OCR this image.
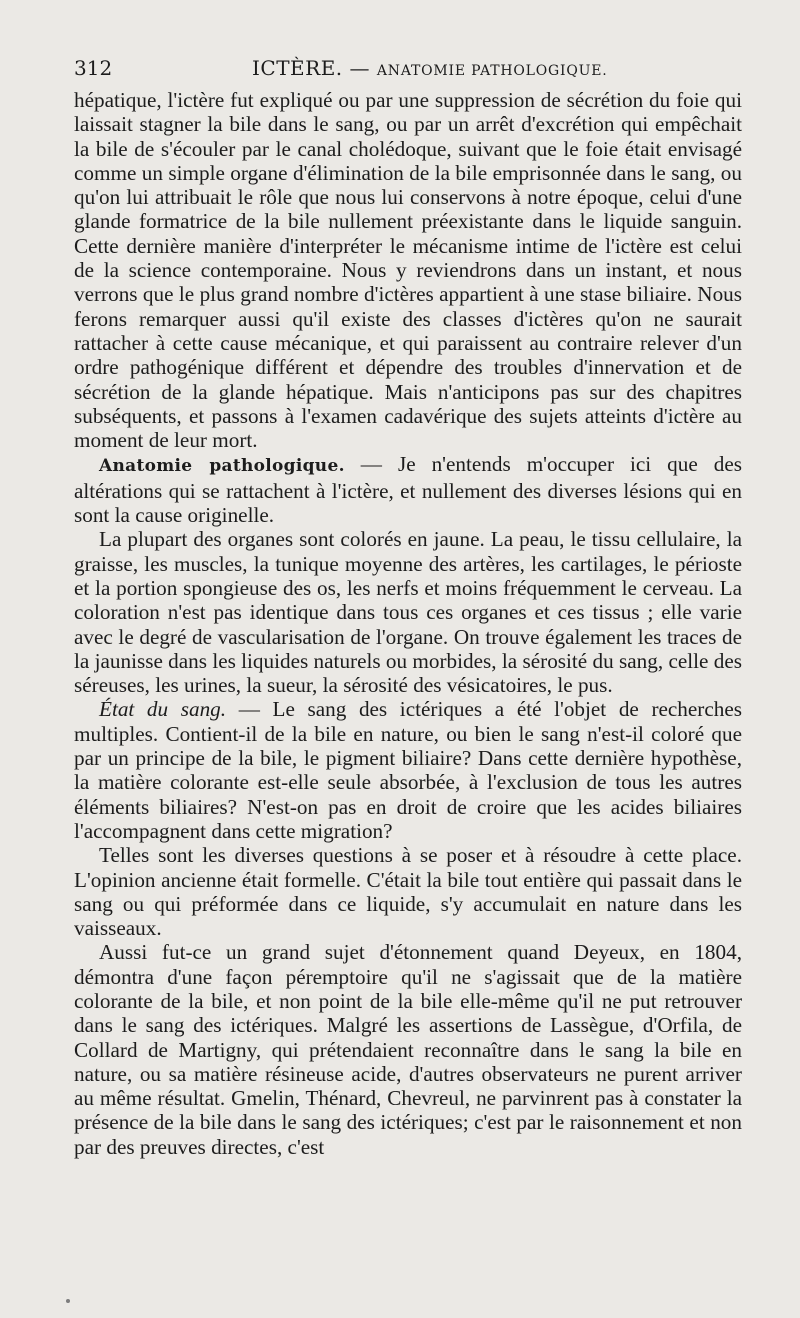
312	ICTÈRE. — ANATOMIE PATHOLOGIQUE.

hépatique, l'ictère fut expliqué ou par une suppression de sécrétion du foie qui laissait stagner la bile dans le sang, ou par un arrêt d'excrétion qui empêchait la bile de s'écouler par le canal cholédoque, suivant que le foie était envisagé comme un simple organe d'élimination de la bile emprisonnée dans le sang, ou qu'on lui attribuait le rôle que nous lui conservons à notre époque, celui d'une glande formatrice de la bile nullement préexistante dans le liquide sanguin. Cette dernière manière d'interpréter le mécanisme intime de l'ictère est celui de la science contemporaine. Nous y reviendrons dans un instant, et nous verrons que le plus grand nombre d'ictères appartient à une stase biliaire. Nous ferons remarquer aussi qu'il existe des classes d'ictères qu'on ne saurait rattacher à cette cause mécanique, et qui paraissent au contraire relever d'un ordre pathogénique différent et dépendre des troubles d'innervation et de sécrétion de la glande hépatique. Mais n'anticipons pas sur des chapitres subséquents, et passons à l'examen cadavérique des sujets atteints d'ictère au moment de leur mort.

Anatomie pathologique. — Je n'entends m'occuper ici que des altérations qui se rattachent à l'ictère, et nullement des diverses lésions qui en sont la cause originelle.

La plupart des organes sont colorés en jaune. La peau, le tissu cellulaire, la graisse, les muscles, la tunique moyenne des artères, les cartilages, le périoste et la portion spongieuse des os, les nerfs et moins fréquemment le cerveau. La coloration n'est pas identique dans tous ces organes et ces tissus ; elle varie avec le degré de vascularisation de l'organe. On trouve également les traces de la jaunisse dans les liquides naturels ou morbides, la sérosité du sang, celle des séreuses, les urines, la sueur, la sérosité des vésicatoires, le pus.

État du sang. — Le sang des ictériques a été l'objet de recherches multiples. Contient-il de la bile en nature, ou bien le sang n'est-il coloré que par un principe de la bile, le pigment biliaire? Dans cette dernière hypothèse, la matière colorante est-elle seule absorbée, à l'exclusion de tous les autres éléments biliaires? N'est-on pas en droit de croire que les acides biliaires l'accompagnent dans cette migration?

Telles sont les diverses questions à se poser et à résoudre à cette place. L'opinion ancienne était formelle. C'était la bile tout entière qui passait dans le sang ou qui préformée dans ce liquide, s'y accumulait en nature dans les vaisseaux.

Aussi fut-ce un grand sujet d'étonnement quand Deyeux, en 1804, démontra d'une façon péremptoire qu'il ne s'agissait que de la matière colorante de la bile, et non point de la bile elle-même qu'il ne put retrouver dans le sang des ictériques. Malgré les assertions de Lassègue, d'Orfila, de Collard de Martigny, qui prétendaient reconnaître dans le sang la bile en nature, ou sa matière résineuse acide, d'autres observateurs ne purent arriver au même résultat. Gmelin, Thénard, Chevreul, ne parvinrent pas à constater la présence de la bile dans le sang des ictériques; c'est par le raisonnement et non par des preuves directes, c'est
